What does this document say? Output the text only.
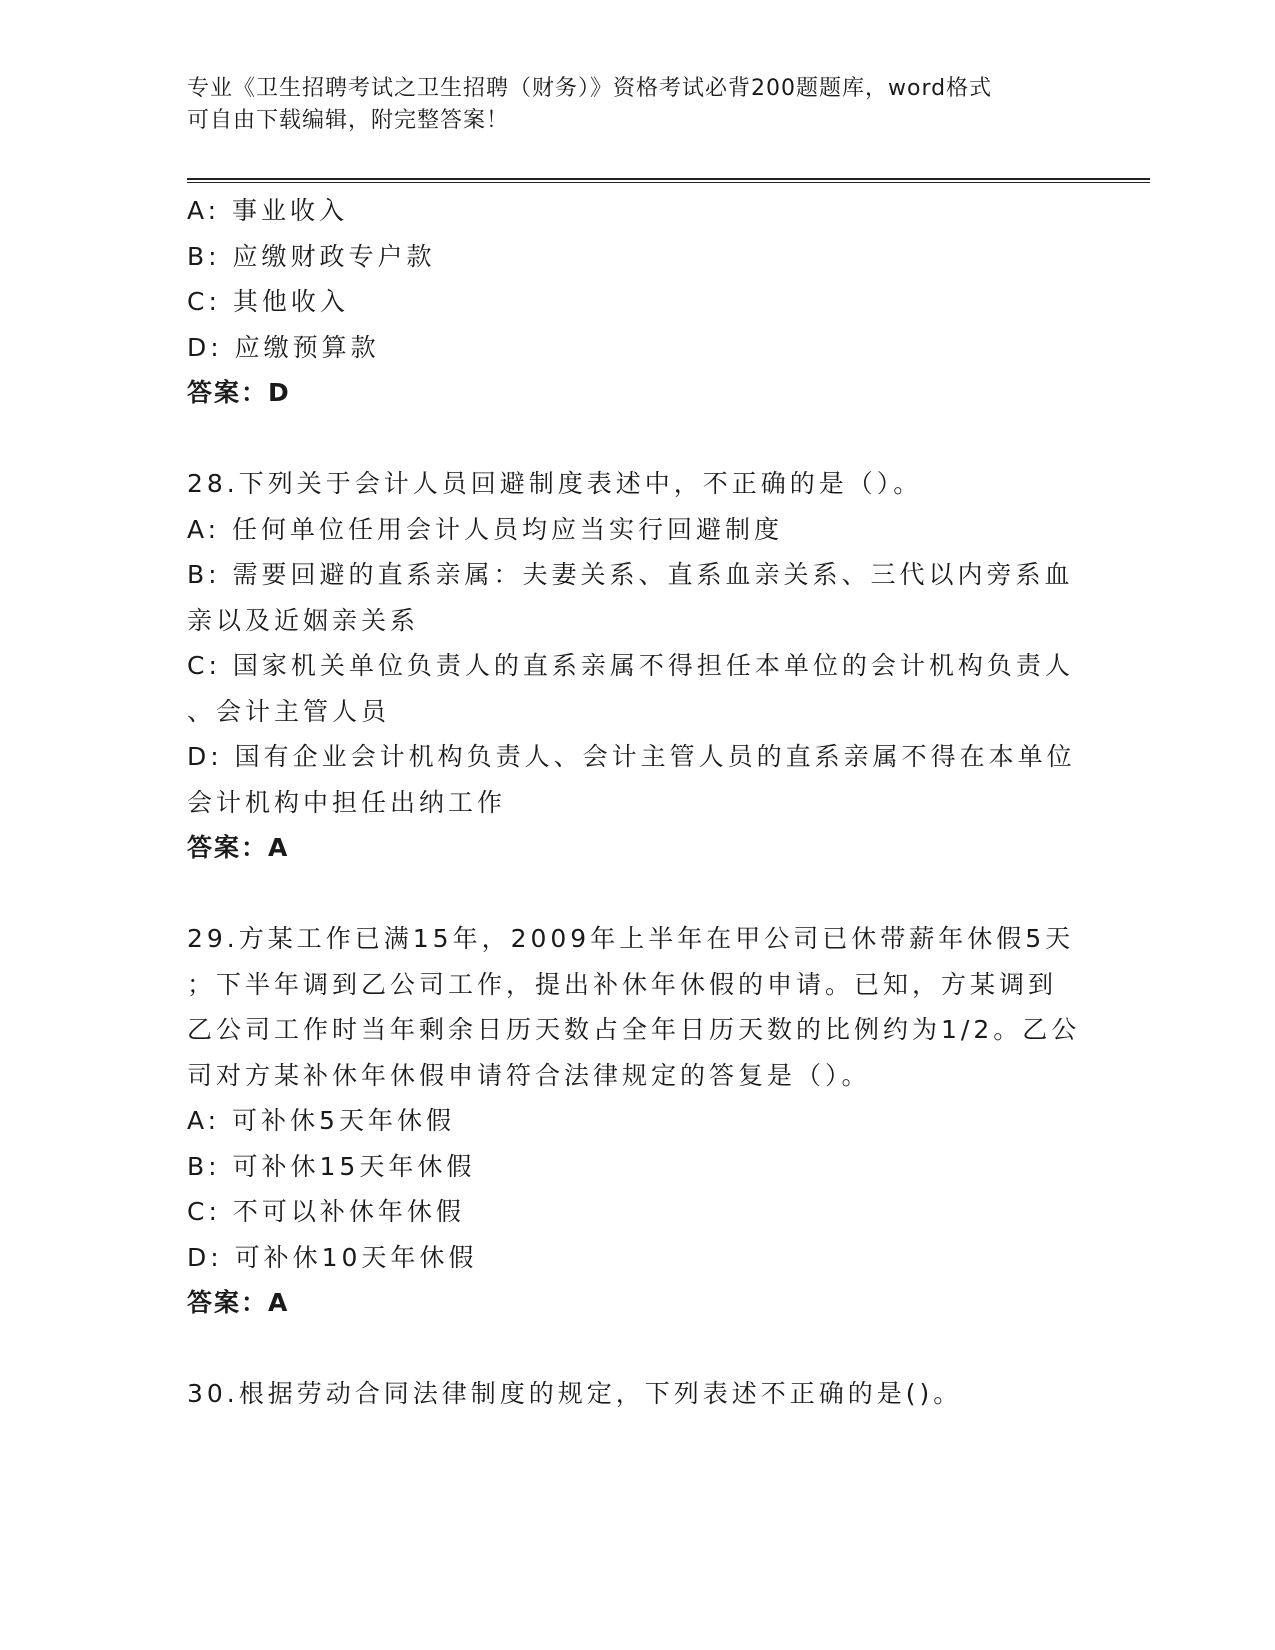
专业《卫生招聘考试之卫生招聘（财务）》资格考试必背200题题库，word格式
可自由下载编辑，附完整答案！
A: 事业收入
B: 应缴财政专户款
C: 其他收入
D: 应缴预算款
答案：D
28.下列关于会计人员回避制度表述中，不正确的是（）。
A: 任何单位任用会计人员均应当实行回避制度
B: 需要回避的直系亲属：夫妻关系、直系血亲关系、三代以内旁系血
亲以及近姻亲关系
C: 国家机关单位负责人的直系亲属不得担任本单位的会计机构负责人
、会计主管人员
D: 国有企业会计机构负责人、会计主管人员的直系亲属不得在本单位
会计机构中担任出纳工作
答案：A
29.方某工作已满15年，2009年上半年在甲公司已休带薪年休假5天
；下半年调到乙公司工作，提出补休年休假的申请。已知，方某调到
乙公司工作时当年剩余日历天数占全年日历天数的比例约为1/2。乙公
司对方某补休年休假申请符合法律规定的答复是（）。
A: 可补休5天年休假
B: 可补休15天年休假
C: 不可以补休年休假
D: 可补休10天年休假
答案：A
30.根据劳动合同法律制度的规定，下列表述不正确的是()。
